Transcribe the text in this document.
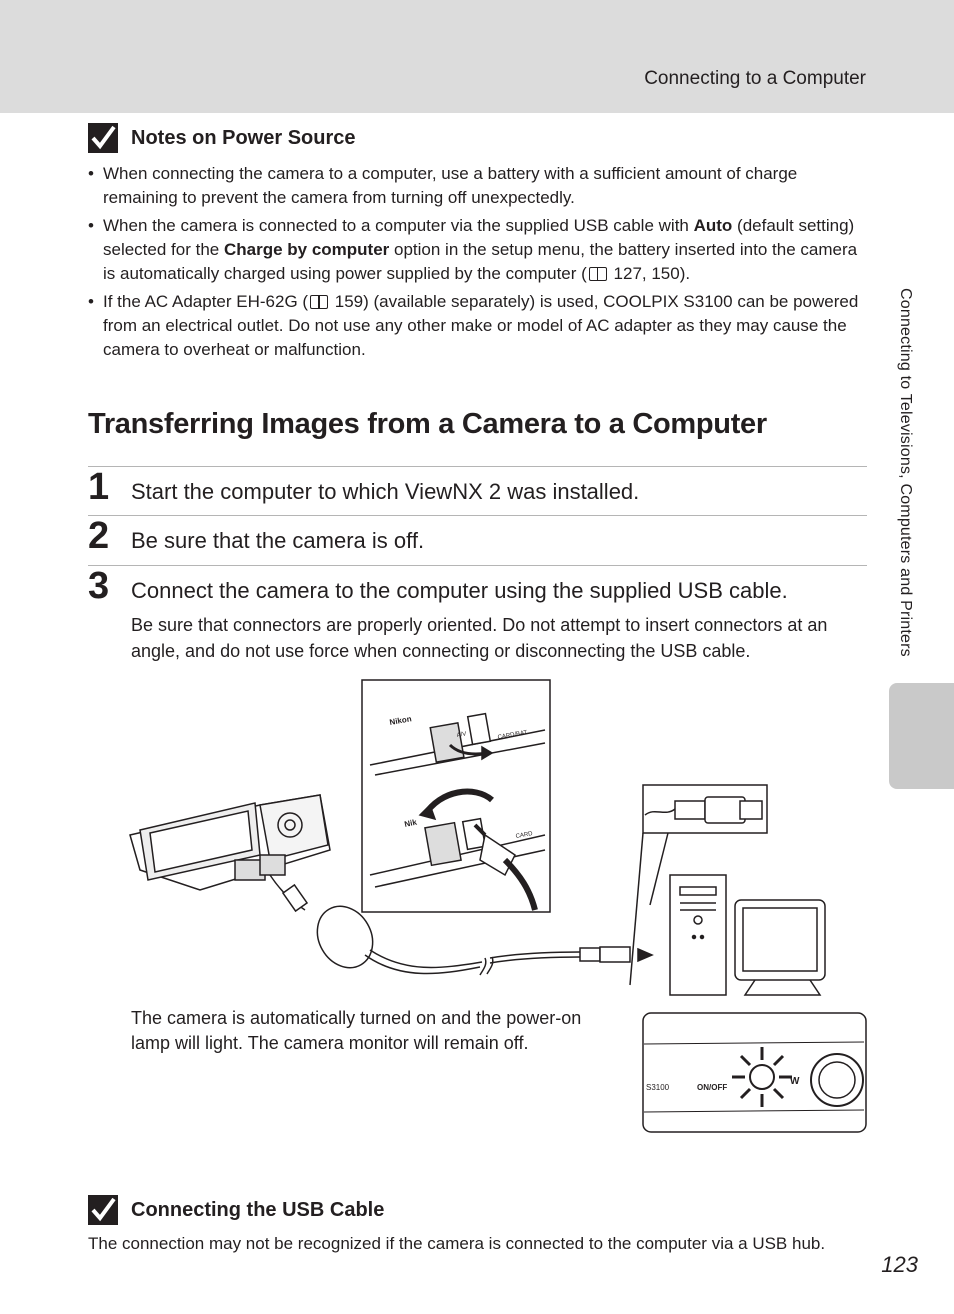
Connecting to a Computer
Connecting to Televisions, Computers and Printers
Notes on Power Source
• When connecting the camera to a computer, use a battery with a sufficient amount of charge remaining to prevent the camera from turning off unexpectedly.
• When the camera is connected to a computer via the supplied USB cable with Auto (default setting) selected for the Charge by computer option in the setup menu, the battery inserted into the camera is automatically charged using power supplied by the computer ( 127, 150).
• If the AC Adapter EH-62G ( 159) (available separately) is used, COOLPIX S3100 can be powered from an electrical outlet. Do not use any other make or model of AC adapter as they may cause the camera to overheat or malfunction.
Transferring Images from a Camera to a Computer
1 Start the computer to which ViewNX 2 was installed.
2 Be sure that the camera is off.
3 Connect the camera to the computer using the supplied USB cable.
Be sure that connectors are properly oriented. Do not attempt to insert connectors at an angle, and do not use force when connecting or disconnecting the USB cable.
Nikon
Nik
A/V	CARD/BAT
CARD
The camera is automatically turned on and the power-on lamp will light. The camera monitor will remain off.
S3100	ON/OFF
W
Connecting the USB Cable
The connection may not be recognized if the camera is connected to the computer via a USB hub.
123
